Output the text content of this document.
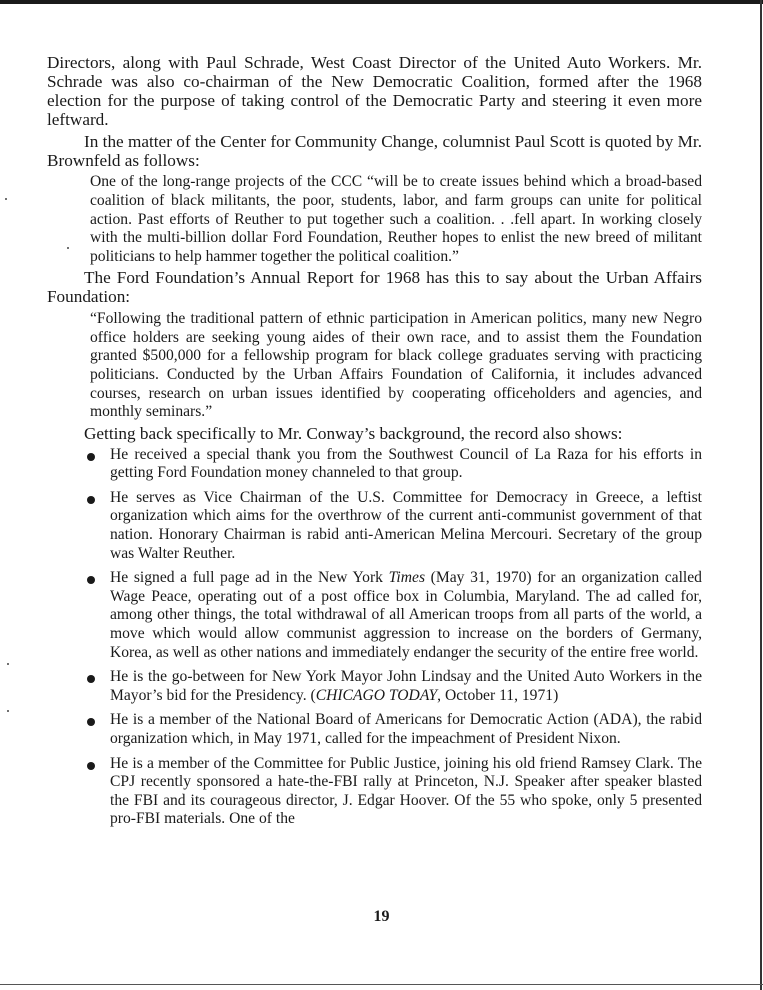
Directors, along with Paul Schrade, West Coast Director of the United Auto Workers. Mr. Schrade was also co-chairman of the New Democratic Coalition, formed after the 1968 election for the purpose of taking control of the Democratic Party and steering it even more leftward.

In the matter of the Center for Community Change, columnist Paul Scott is quoted by Mr. Brownfeld as follows:

One of the long-range projects of the CCC “will be to create issues behind which a broad-based coalition of black militants, the poor, students, labor, and farm groups can unite for political action. Past efforts of Reuther to put together such a coalition. . .fell apart. In working closely with the multi-billion dollar Ford Foundation, Reuther hopes to enlist the new breed of militant politicians to help hammer together the political coalition.”

The Ford Foundation’s Annual Report for 1968 has this to say about the Urban Affairs Foundation:

“Following the traditional pattern of ethnic participation in American politics, many new Negro office holders are seeking young aides of their own race, and to assist them the Foundation granted $500,000 for a fellowship program for black college graduates serving with practicing politicians. Conducted by the Urban Affairs Foundation of California, it includes advanced courses, research on urban issues identified by cooperating officeholders and agencies, and monthly seminars.”

Getting back specifically to Mr. Conway’s background, the record also shows:

He received a special thank you from the Southwest Council of La Raza for his efforts in getting Ford Foundation money channeled to that group.
He serves as Vice Chairman of the U.S. Committee for Democracy in Greece, a leftist organization which aims for the overthrow of the current anti-communist government of that nation. Honorary Chairman is rabid anti-American Melina Mercouri. Secretary of the group was Walter Reuther.
He signed a full page ad in the New York Times (May 31, 1970) for an organization called Wage Peace, operating out of a post office box in Columbia, Maryland. The ad called for, among other things, the total withdrawal of all American troops from all parts of the world, a move which would allow communist aggression to increase on the borders of Germany, Korea, as well as other nations and immediately endanger the security of the entire free world.
He is the go-between for New York Mayor John Lindsay and the United Auto Workers in the Mayor’s bid for the Presidency. (CHICAGO TODAY, October 11, 1971)
He is a member of the National Board of Americans for Democratic Action (ADA), the rabid organization which, in May 1971, called for the impeachment of President Nixon.
He is a member of the Committee for Public Justice, joining his old friend Ramsey Clark. The CPJ recently sponsored a hate-the-FBI rally at Princeton, N.J. Speaker after speaker blasted the FBI and its courageous director, J. Edgar Hoover. Of the 55 who spoke, only 5 presented pro-FBI materials. One of the
19
